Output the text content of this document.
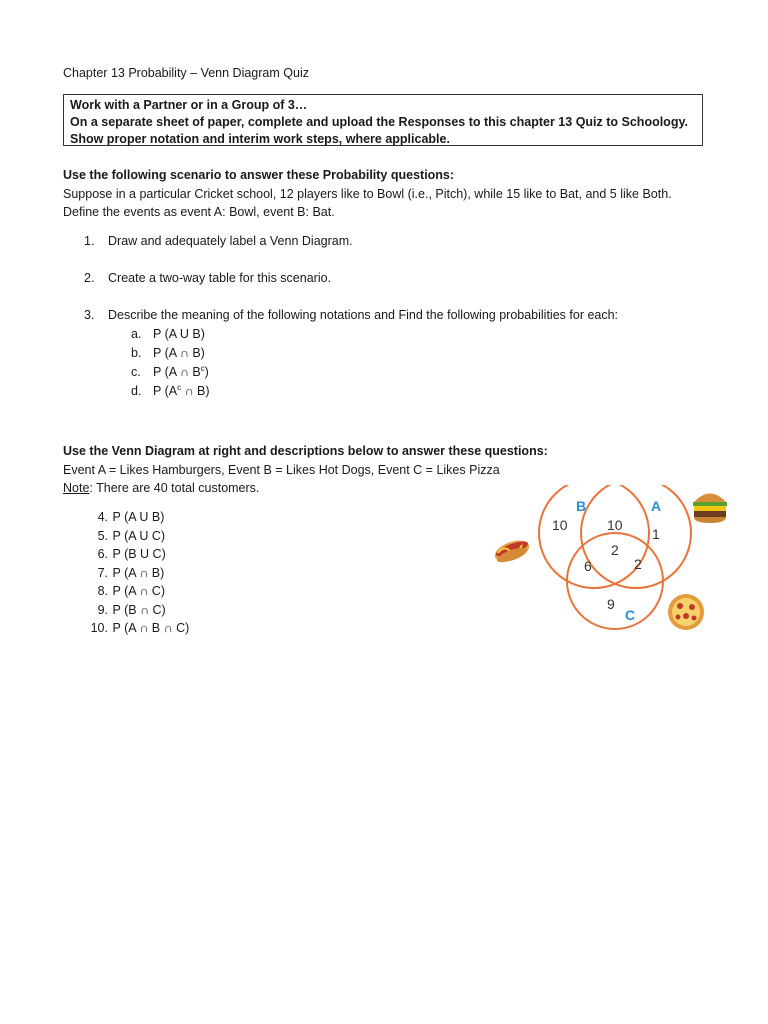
Chapter 13 Probability – Venn Diagram Quiz
Work with a Partner or in a Group of 3…
On a separate sheet of paper, complete and upload the Responses to this chapter 13 Quiz to Schoology.
Show proper notation and interim work steps, where applicable.
Use the following scenario to answer these Probability questions:
Suppose in a particular Cricket school, 12 players like to Bowl (i.e., Pitch), while 15 like to Bat, and 5 like Both.
Define the events as event A: Bowl, event B: Bat.
1. Draw and adequately label a Venn Diagram.
2. Create a two-way table for this scenario.
3. Describe the meaning of the following notations and Find the following probabilities for each:
a. P (A U B)
b. P (A ∩ B)
c. P (A ∩ $B^c$)
d. P ($A^c$ ∩ B)
Use the Venn Diagram at right and descriptions below to answer these questions:
Event A = Likes Hamburgers, Event B = Likes Hot Dogs, Event C = Likes Pizza
Note: There are 40 total customers.
4. P (A U B)
5. P (A U C)
6. P (B U C)
7. P (A ∩ B)
8. P (A ∩ C)
9. P (B ∩ C)
10. P (A ∩ B ∩ C)
B	A
C
10	10
1
2
6	2
9
